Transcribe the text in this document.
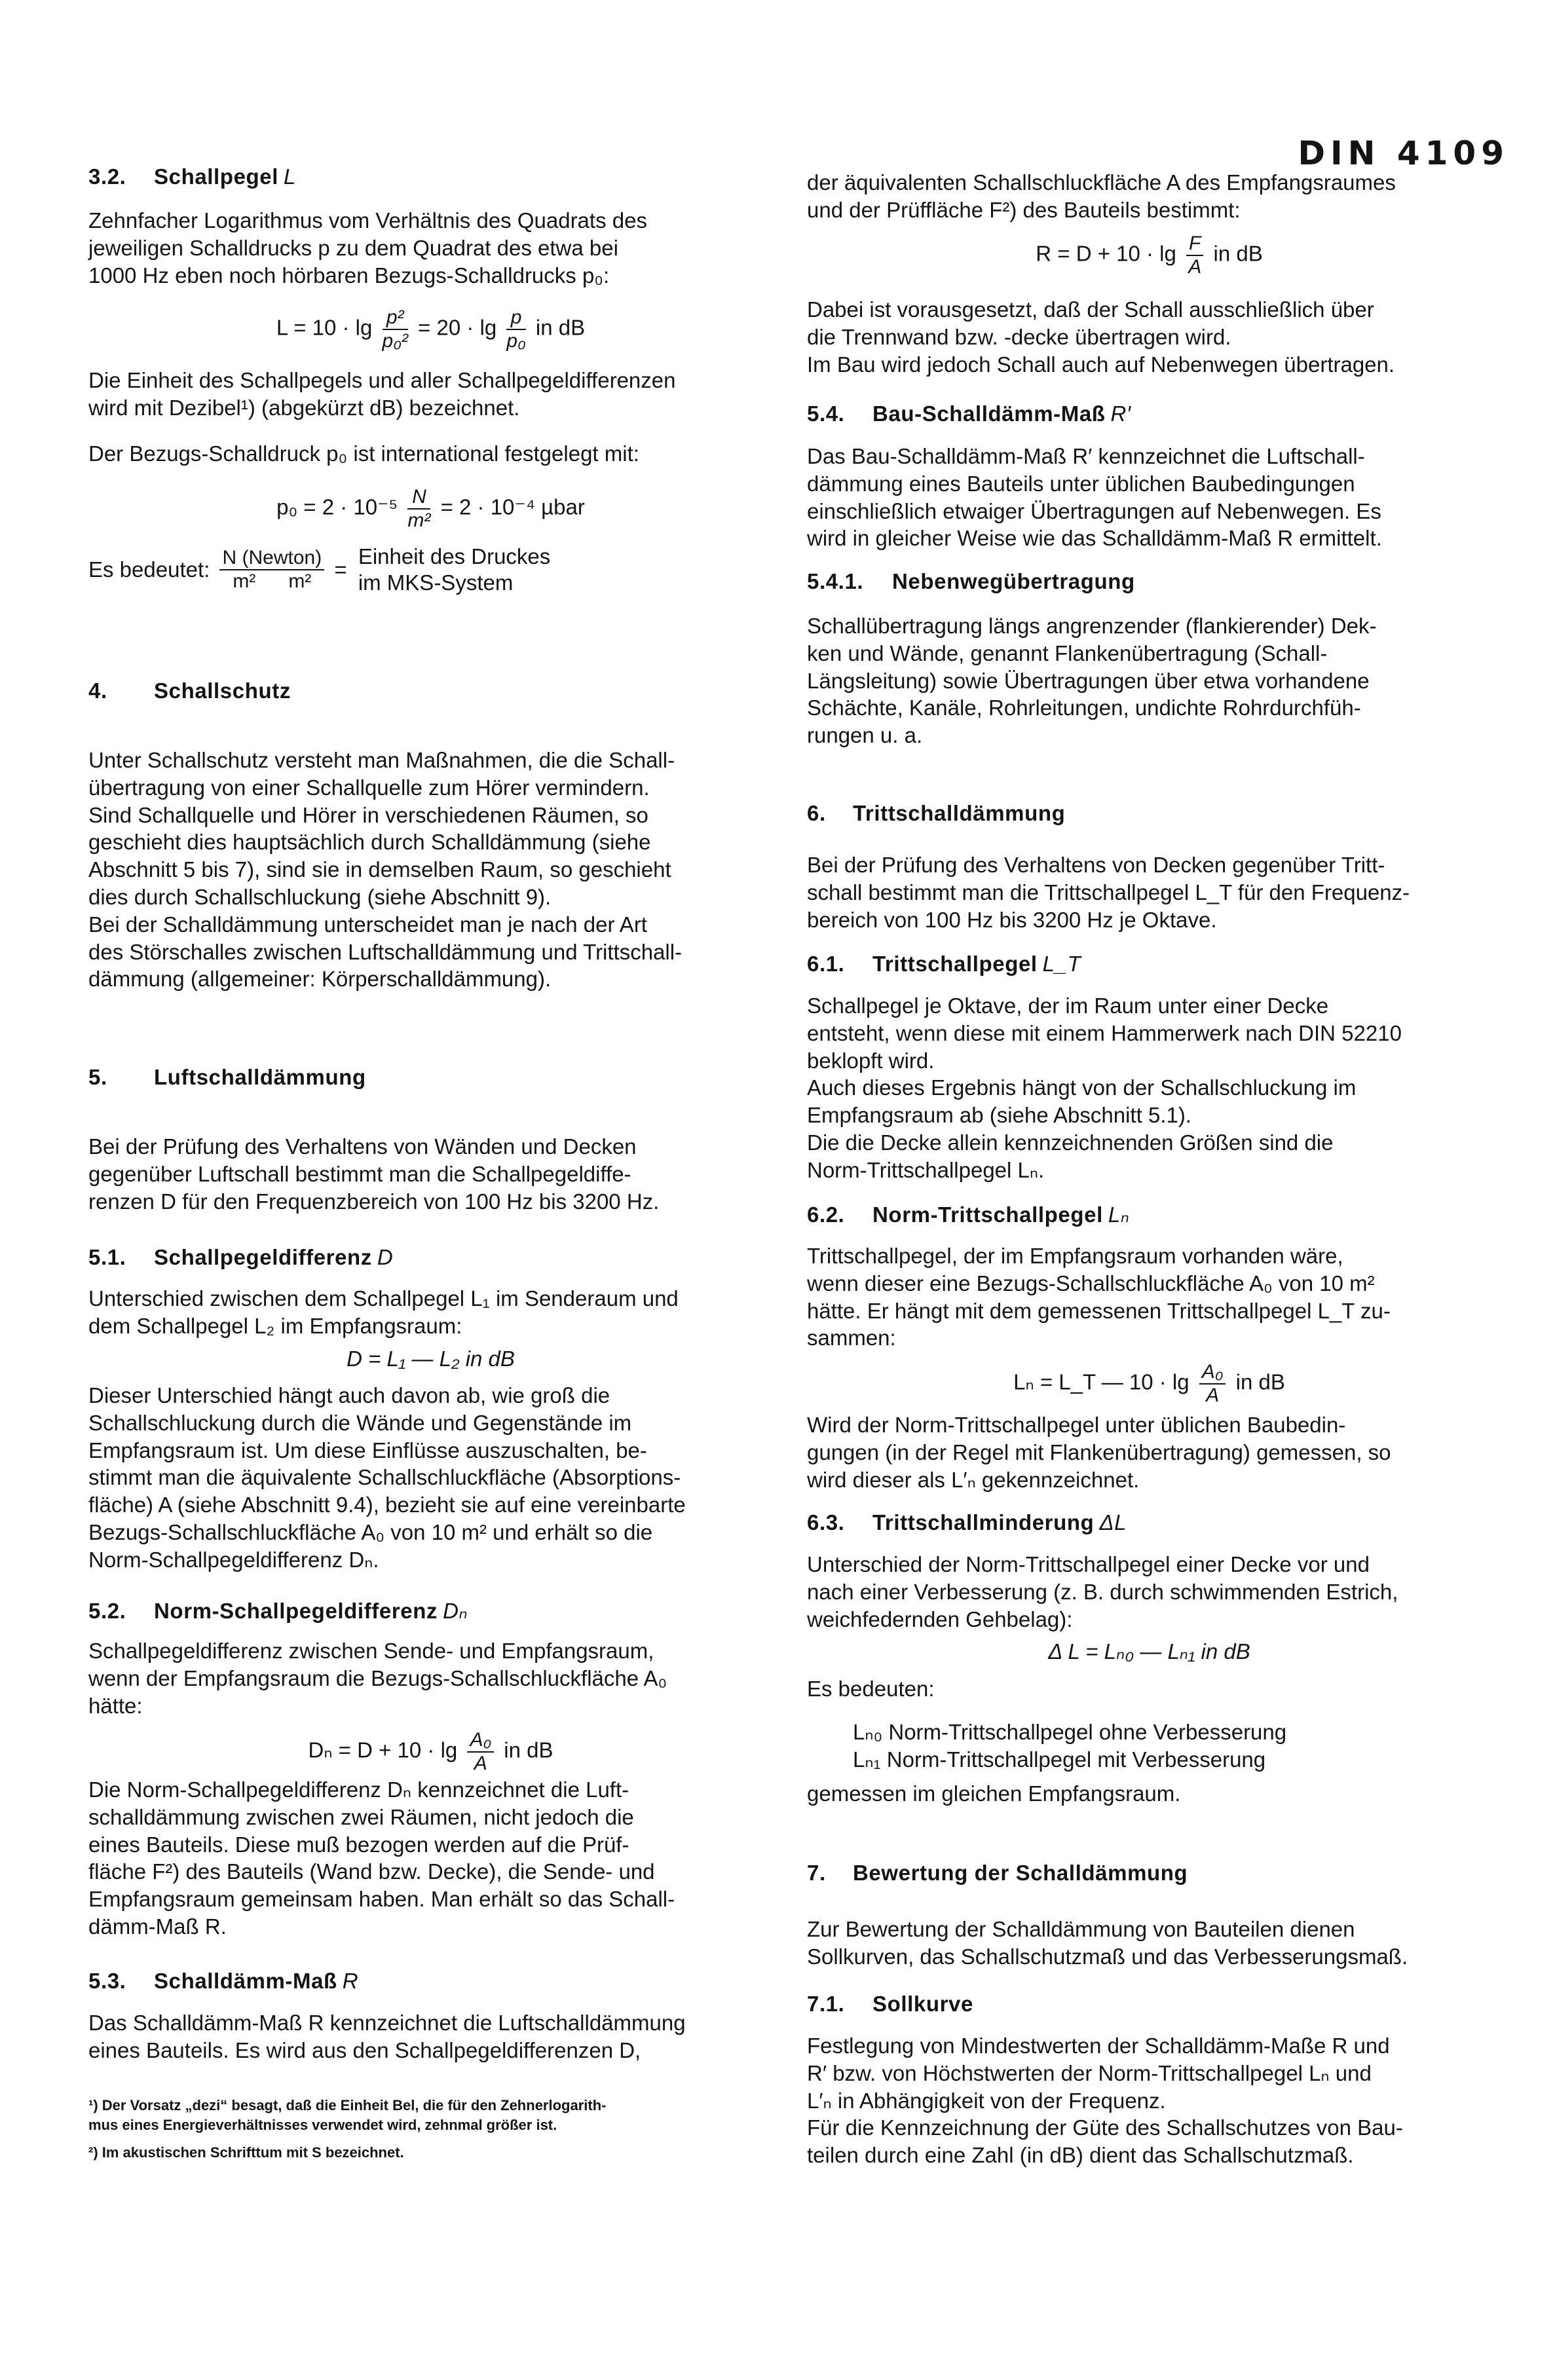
DIN 4109
3.2. Schallpegel L
Zehnfacher Logarithmus vom Verhältnis des Quadrats des
jeweiligen Schalldrucks p zu dem Quadrat des etwa bei
1000 Hz eben noch hörbaren Bezugs-Schalldrucks p₀:
$L = 10 \cdot \lg \frac{\text{p²}}{\text{p₀²}} = 20 \cdot \lg \frac{p}{\text{p₀}}$ in dB
Die Einheit des Schallpegels und aller Schallpegeldifferenzen
wird mit Dezibel¹) (abgekürzt dB) bezeichnet.
Der Bezugs-Schalldruck p₀ ist international festgelegt mit:
$p_0 = 2 \cdot 10^{-5} \frac{N}{\text{m²}} = 2 \cdot 10^{-4}$ µbar
Es bedeutet: $\frac{\text{N (Newton)}}{\text{m²      m²}}$ =
Einheit des Druckes
im MKS-System
4. Schallschutz
Unter Schallschutz versteht man Maßnahmen, die die Schall-
übertragung von einer Schallquelle zum Hörer vermindern.
Sind Schallquelle und Hörer in verschiedenen Räumen, so
geschieht dies hauptsächlich durch Schalldämmung (siehe
Abschnitt 5 bis 7), sind sie in demselben Raum, so geschieht
dies durch Schallschluckung (siehe Abschnitt 9).
Bei der Schalldämmung unterscheidet man je nach der Art
des Störschalles zwischen Luftschalldämmung und Trittschall-
dämmung (allgemeiner: Körperschalldämmung).
5. Luftschalldämmung
Bei der Prüfung des Verhaltens von Wänden und Decken
gegenüber Luftschall bestimmt man die Schallpegeldiffe-
renzen D für den Frequenzbereich von 100 Hz bis 3200 Hz.
5.1. Schallpegeldifferenz D
Unterschied zwischen dem Schallpegel L₁ im Senderaum und
dem Schallpegel L₂ im Empfangsraum:
D = L₁ — L₂ in dB
Dieser Unterschied hängt auch davon ab, wie groß die
Schallschluckung durch die Wände und Gegenstände im
Empfangsraum ist. Um diese Einflüsse auszuschalten, be-
stimmt man die äquivalente Schallschluckfläche (Absorptions-
fläche) A (siehe Abschnitt 9.4), bezieht sie auf eine vereinbarte
Bezugs-Schallschluckfläche A₀ von 10 m² und erhält so die
Norm-Schallpegeldifferenz Dₙ.
5.2. Norm-Schallpegeldifferenz Dₙ
Schallpegeldifferenz zwischen Sende- und Empfangsraum,
wenn der Empfangsraum die Bezugs-Schallschluckfläche A₀
hätte:
$D_n = D + 10 \cdot \lg \frac{\text{A₀}}{A}$ in dB
Die Norm-Schallpegeldifferenz Dₙ kennzeichnet die Luft-
schalldämmung zwischen zwei Räumen, nicht jedoch die
eines Bauteils. Diese muß bezogen werden auf die Prüf-
fläche F²) des Bauteils (Wand bzw. Decke), die Sende- und
Empfangsraum gemeinsam haben. Man erhält so das Schall-
dämm-Maß R.
5.3. Schalldämm-Maß R
Das Schalldämm-Maß R kennzeichnet die Luftschalldämmung
eines Bauteils. Es wird aus den Schallpegeldifferenzen D,
¹) Der Vorsatz „dezi“ besagt, daß die Einheit Bel, die für den Zehnerlogarith-
mus eines Energieverhältnisses verwendet wird, zehnmal größer ist.
²) Im akustischen Schrifttum mit S bezeichnet.
der äquivalenten Schallschluckfläche A des Empfangsraumes
und der Prüffläche F²) des Bauteils bestimmt:
$R = D + 10 \cdot \lg \frac{F}{A}$ in dB
Dabei ist vorausgesetzt, daß der Schall ausschließlich über
die Trennwand bzw. -decke übertragen wird.
Im Bau wird jedoch Schall auch auf Nebenwegen übertragen.
5.4. Bau-Schalldämm-Maß R′
Das Bau-Schalldämm-Maß R′ kennzeichnet die Luftschall-
dämmung eines Bauteils unter üblichen Baubedingungen
einschließlich etwaiger Übertragungen auf Nebenwegen. Es
wird in gleicher Weise wie das Schalldämm-Maß R ermittelt.
5.4.1. Nebenwegübertragung
Schallübertragung längs angrenzender (flankierender) Dek-
ken und Wände, genannt Flankenübertragung (Schall-
Längsleitung) sowie Übertragungen über etwa vorhandene
Schächte, Kanäle, Rohrleitungen, undichte Rohrdurchfüh-
rungen u. a.
6. Trittschalldämmung
Bei der Prüfung des Verhaltens von Decken gegenüber Tritt-
schall bestimmt man die Trittschallpegel L_T für den Frequenz-
bereich von 100 Hz bis 3200 Hz je Oktave.
6.1. Trittschallpegel L_T
Schallpegel je Oktave, der im Raum unter einer Decke
entsteht, wenn diese mit einem Hammerwerk nach DIN 52210
beklopft wird.
Auch dieses Ergebnis hängt von der Schallschluckung im
Empfangsraum ab (siehe Abschnitt 5.1).
Die die Decke allein kennzeichnenden Größen sind die
Norm-Trittschallpegel Lₙ.
6.2. Norm-Trittschallpegel Lₙ
Trittschallpegel, der im Empfangsraum vorhanden wäre,
wenn dieser eine Bezugs-Schallschluckfläche A₀ von 10 m²
hätte. Er hängt mit dem gemessenen Trittschallpegel L_T zu-
sammen:
Lₙ = L_T — $10 \cdot \lg \frac{\text{A₀}}{A}$ in dB
Wird der Norm-Trittschallpegel unter üblichen Baubedin-
gungen (in der Regel mit Flankenübertragung) gemessen, so
wird dieser als L′ₙ gekennzeichnet.
6.3. Trittschallminderung ΔL
Unterschied der Norm-Trittschallpegel einer Decke vor und
nach einer Verbesserung (z. B. durch schwimmenden Estrich,
weichfedernden Gehbelag):
Δ L = Lₙ₀ — Lₙ₁ in dB
Es bedeuten:
Lₙ₀ Norm-Trittschallpegel ohne Verbesserung
Lₙ₁ Norm-Trittschallpegel mit Verbesserung
gemessen im gleichen Empfangsraum.
7. Bewertung der Schalldämmung
Zur Bewertung der Schalldämmung von Bauteilen dienen
Sollkurven, das Schallschutzmaß und das Verbesserungsmaß.
7.1. Sollkurve
Festlegung von Mindestwerten der Schalldämm-Maße R und
R′ bzw. von Höchstwerten der Norm-Trittschallpegel Lₙ und
L′ₙ in Abhängigkeit von der Frequenz.
Für die Kennzeichnung der Güte des Schallschutzes von Bau-
teilen durch eine Zahl (in dB) dient das Schallschutzmaß.
